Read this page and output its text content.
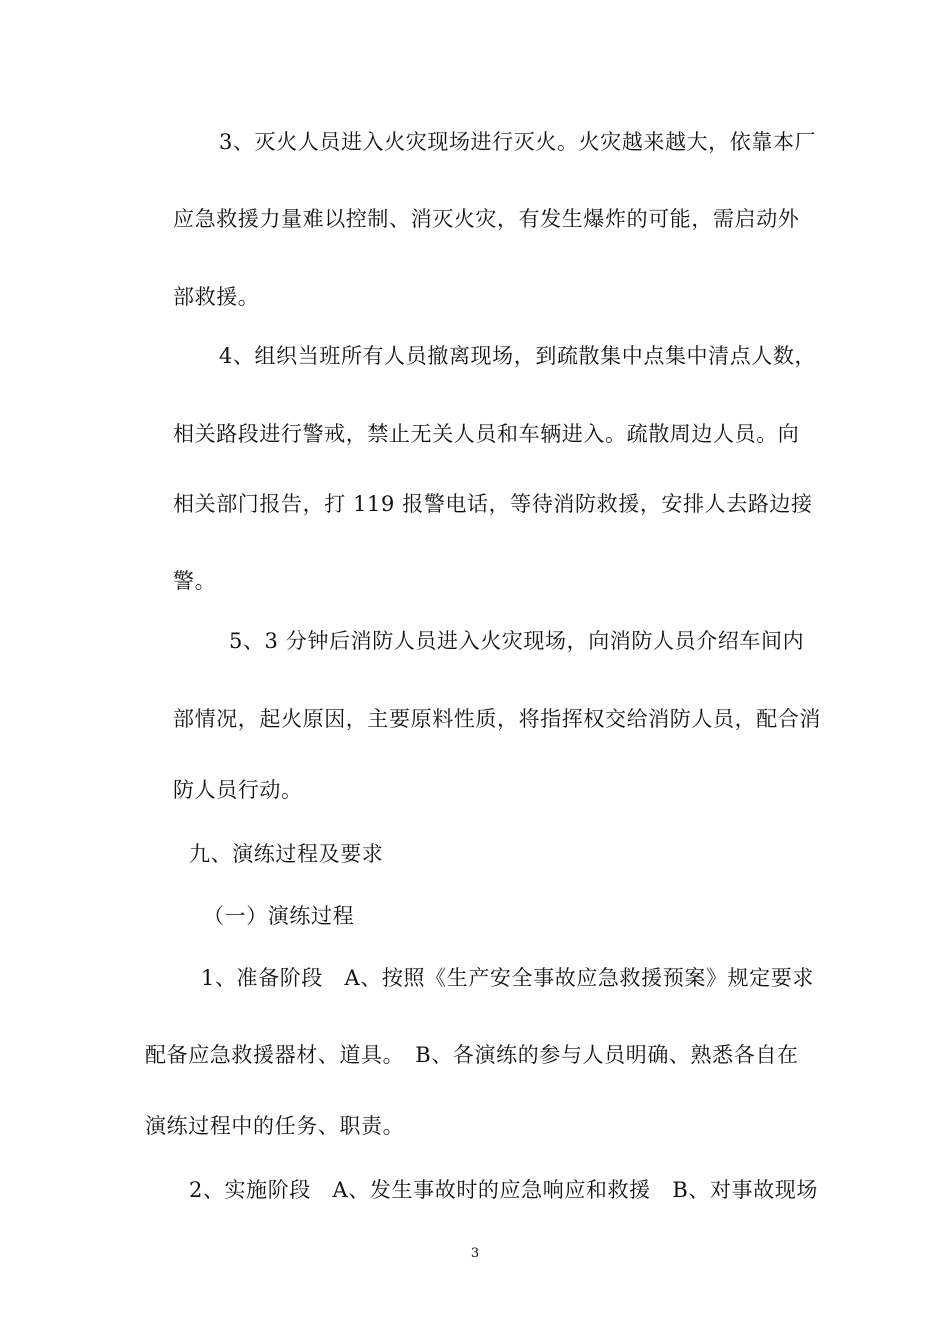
3、灭火人员进入火灾现场进行灭火。火灾越来越大，依靠本厂
应急救援力量难以控制、消灭火灾，有发生爆炸的可能，需启动外
部救援。
4、组织当班所有人员撤离现场，到疏散集中点集中清点人数，
相关路段进行警戒，禁止无关人员和车辆进入。疏散周边人员。向
相关部门报告，打 119 报警电话，等待消防救援，安排人去路边接
警。
5、3 分钟后消防人员进入火灾现场，向消防人员介绍车间内
部情况，起火原因，主要原料性质，将指挥权交给消防人员，配合消
防人员行动。
九、演练过程及要求
（一）演练过程
1、准备阶段　A、按照《生产安全事故应急救援预案》规定要求
配备应急救援器材、道具。　B、各演练的参与人员明确、熟悉各自在
演练过程中的任务、职责。
2、实施阶段　A、发生事故时的应急响应和救援　B、对事故现场
3
